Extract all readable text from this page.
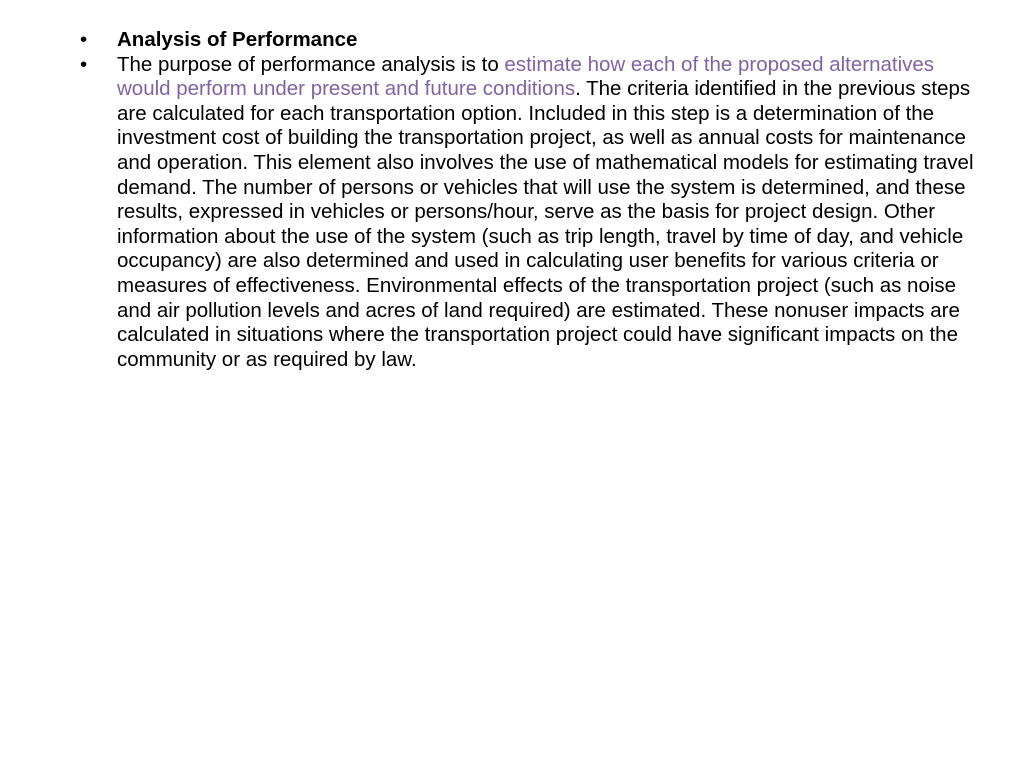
•	Analysis of Performance
•	The purpose of performance analysis is to estimate how each of the proposed alternatives would perform under present and future conditions. The criteria identified in the previous steps are calculated for each transportation option. Included in this step is a determination of the investment cost of building the transportation project, as well as annual costs for maintenance and operation. This element also involves the use of mathematical models for estimating travel demand. The number of persons or vehicles that will use the system is determined, and these results, expressed in vehicles or persons/hour, serve as the basis for project design. Other information about the use of the system (such as trip length, travel by time of day, and vehicle occupancy) are also determined and used in calculating user benefits for various criteria or measures of effectiveness. Environmental effects of the transportation project (such as noise and air pollution levels and acres of land required) are estimated. These nonuser impacts are calculated in situations where the transportation project could have significant impacts on the community or as required by law.
